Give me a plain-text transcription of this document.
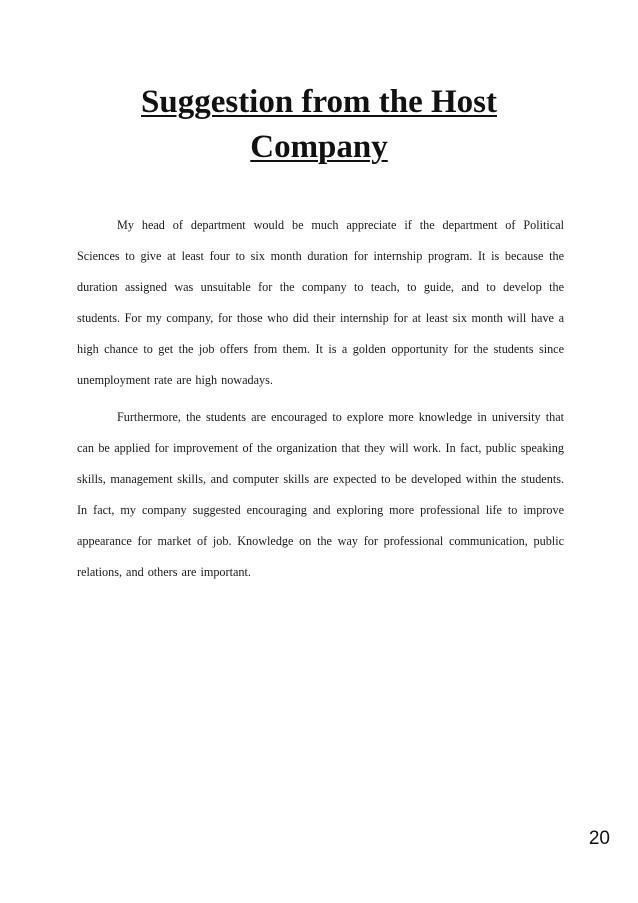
Suggestion from the Host
Company

My head of department would be much appreciate if the department of Political Sciences to give at least four to six month duration for internship program. It is because the duration assigned was unsuitable for the company to teach, to guide, and to develop the students. For my company, for those who did their internship for at least six month will have a high chance to get the job offers from them. It is a golden opportunity for the students since unemployment rate are high nowadays.

Furthermore, the students are encouraged to explore more knowledge in university that can be applied for improvement of the organization that they will work. In fact, public speaking skills, management skills, and computer skills are expected to be developed within the students. In fact, my company suggested encouraging and exploring more professional life to improve appearance for market of job. Knowledge on the way for professional communication, public relations, and others are important.

20
